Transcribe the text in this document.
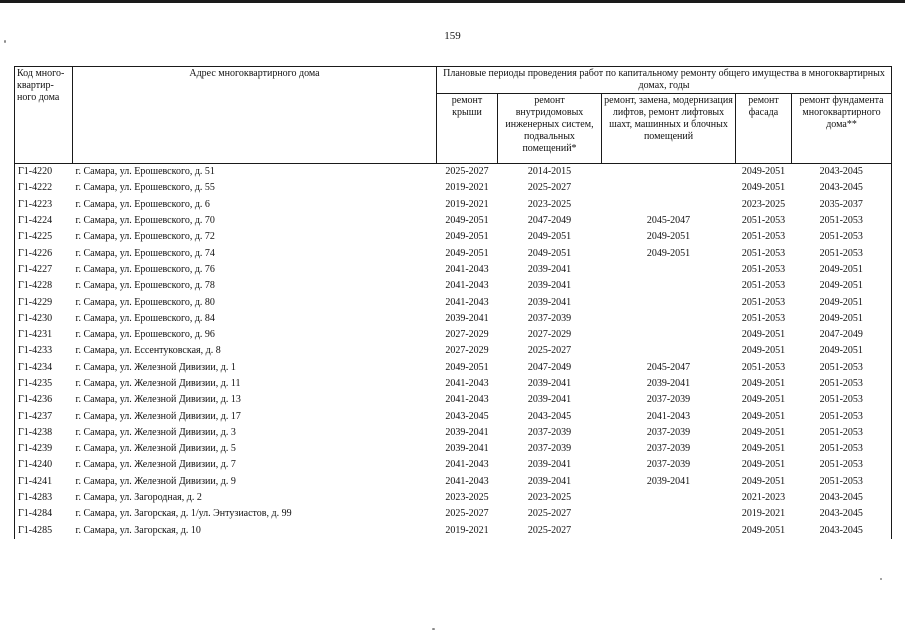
159
Код много-квартир-ного дома	Адрес многоквартирного дома	Плановые периоды проведения работ по капитальному ремонту общего имущества в многоквартирных домах, годы				
		ремонт крыши	ремонт внутридомовых инженерных систем, подвальных помещений*	ремонт, замена, модернизация лифтов, ремонт лифтовых шахт, машинных и блочных помещений	ремонт фасада	ремонт фундамента многоквартирного дома**
Г1-4220	г. Самара, ул. Ерошевского, д. 51	2025-2027	2014-2015		2049-2051	2043-2045
Г1-4222	г. Самара, ул. Ерошевского, д. 55	2019-2021	2025-2027		2049-2051	2043-2045
Г1-4223	г. Самара, ул. Ерошевского, д. 6	2019-2021	2023-2025		2023-2025	2035-2037
Г1-4224	г. Самара, ул. Ерошевского, д. 70	2049-2051	2047-2049	2045-2047	2051-2053	2051-2053
Г1-4225	г. Самара, ул. Ерошевского, д. 72	2049-2051	2049-2051	2049-2051	2051-2053	2051-2053
Г1-4226	г. Самара, ул. Ерошевского, д. 74	2049-2051	2049-2051	2049-2051	2051-2053	2051-2053
Г1-4227	г. Самара, ул. Ерошевского, д. 76	2041-2043	2039-2041		2051-2053	2049-2051
Г1-4228	г. Самара, ул. Ерошевского, д. 78	2041-2043	2039-2041		2051-2053	2049-2051
Г1-4229	г. Самара, ул. Ерошевского, д. 80	2041-2043	2039-2041		2051-2053	2049-2051
Г1-4230	г. Самара, ул. Ерошевского, д. 84	2039-2041	2037-2039		2051-2053	2049-2051
Г1-4231	г. Самара, ул. Ерошевского, д. 96	2027-2029	2027-2029		2049-2051	2047-2049
Г1-4233	г. Самара, ул. Ессентуковская, д. 8	2027-2029	2025-2027		2049-2051	2049-2051
Г1-4234	г. Самара, ул. Железной Дивизии, д. 1	2049-2051	2047-2049	2045-2047	2051-2053	2051-2053
Г1-4235	г. Самара, ул. Железной Дивизии, д. 11	2041-2043	2039-2041	2039-2041	2049-2051	2051-2053
Г1-4236	г. Самара, ул. Железной Дивизии, д. 13	2041-2043	2039-2041	2037-2039	2049-2051	2051-2053
Г1-4237	г. Самара, ул. Железной Дивизии, д. 17	2043-2045	2043-2045	2041-2043	2049-2051	2051-2053
Г1-4238	г. Самара, ул. Железной Дивизии, д. 3	2039-2041	2037-2039	2037-2039	2049-2051	2051-2053
Г1-4239	г. Самара, ул. Железной Дивизии, д. 5	2039-2041	2037-2039	2037-2039	2049-2051	2051-2053
Г1-4240	г. Самара, ул. Железной Дивизии, д. 7	2041-2043	2039-2041	2037-2039	2049-2051	2051-2053
Г1-4241	г. Самара, ул. Железной Дивизии, д. 9	2041-2043	2039-2041	2039-2041	2049-2051	2051-2053
Г1-4283	г. Самара, ул. Загородная, д. 2	2023-2025	2023-2025		2021-2023	2043-2045
Г1-4284	г. Самара, ул. Загорская, д. 1/ул. Энтузиастов, д. 99	2025-2027	2025-2027		2019-2021	2043-2045
Г1-4285	г. Самара, ул. Загорская, д. 10	2019-2021	2025-2027		2049-2051	2043-2045
